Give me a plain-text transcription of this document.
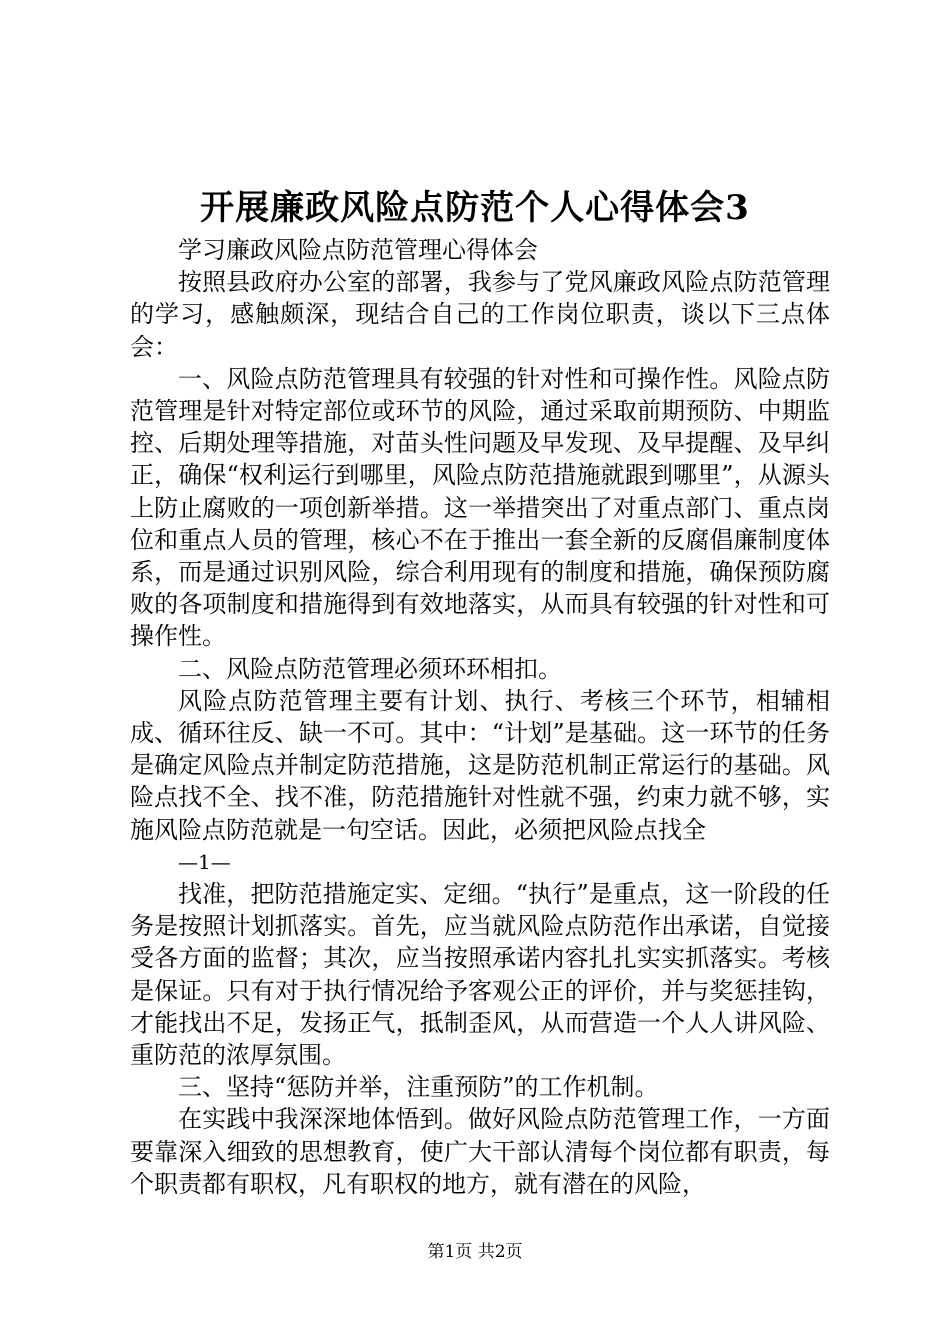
开展廉政风险点防范个人心得体会3

学习廉政风险点防范管理心得体会

按照县政府办公室的部署，我参与了党风廉政风险点防范管理的学习，感触颇深，现结合自己的工作岗位职责，谈以下三点体会：

一、风险点防范管理具有较强的针对性和可操作性。风险点防范管理是针对特定部位或环节的风险，通过采取前期预防、中期监控、后期处理等措施，对苗头性问题及早发现、及早提醒、及早纠正，确保“权利运行到哪里，风险点防范措施就跟到哪里”，从源头上防止腐败的一项创新举措。这一举措突出了对重点部门、重点岗位和重点人员的管理，核心不在于推出一套全新的反腐倡廉制度体系，而是通过识别风险，综合利用现有的制度和措施，确保预防腐败的各项制度和措施得到有效地落实，从而具有较强的针对性和可操作性。

二、风险点防范管理必须环环相扣。

风险点防范管理主要有计划、执行、考核三个环节，相辅相成、循环往反、缺一不可。其中：“计划”是基础。这一环节的任务是确定风险点并制定防范措施，这是防范机制正常运行的基础。风险点找不全、找不准，防范措施针对性就不强，约束力就不够，实施风险点防范就是一句空话。因此，必须把风险点找全

—1—

找准，把防范措施定实、定细。“执行”是重点，这一阶段的任务是按照计划抓落实。首先，应当就风险点防范作出承诺，自觉接受各方面的监督；其次，应当按照承诺内容扎扎实实抓落实。考核是保证。只有对于执行情况给予客观公正的评价，并与奖惩挂钩，才能找出不足，发扬正气，抵制歪风，从而营造一个人人讲风险、重防范的浓厚氛围。

三、坚持“惩防并举，注重预防”的工作机制。

在实践中我深深地体悟到。做好风险点防范管理工作，一方面要靠深入细致的思想教育，使广大干部认清每个岗位都有职责，每个职责都有职权，凡有职权的地方，就有潜在的风险，

第1页 共2页
